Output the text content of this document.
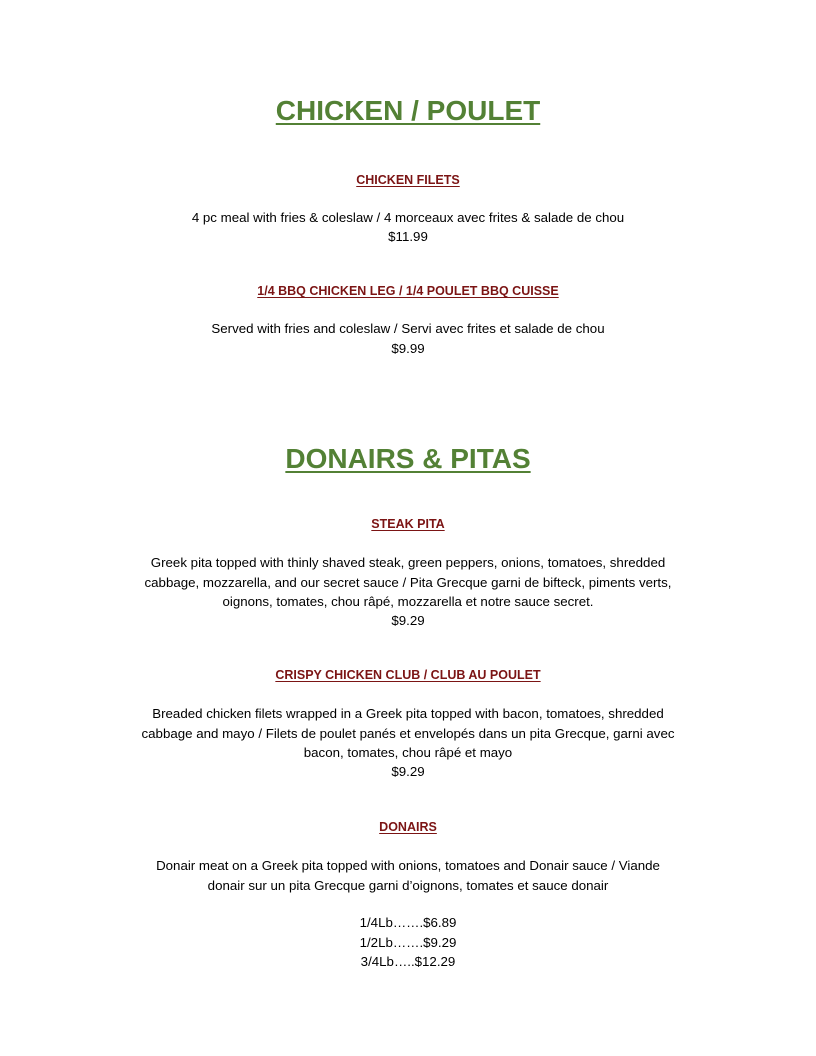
CHICKEN / POULET
CHICKEN FILETS

4 pc meal with fries & coleslaw / 4 morceaux avec frites & salade de chou

$11.99

1/4 BBQ CHICKEN LEG / 1/4 POULET BBQ CUISSE

Served with fries and coleslaw / Servi avec frites et salade de chou

$9.99

DONAIRS & PITAS
STEAK PITA

Greek pita topped with thinly shaved steak, green peppers, onions, tomatoes, shredded cabbage, mozzarella, and our secret sauce / Pita Grecque garni de bifteck, piments verts, oignons, tomates, chou râpé, mozzarella et notre sauce secret.

$9.29

CRISPY CHICKEN CLUB / CLUB AU POULET

Breaded chicken filets wrapped in a Greek pita topped with bacon, tomatoes, shredded cabbage and mayo / Filets de poulet panés et envelopés dans un pita Grecque, garni avec bacon, tomates, chou râpé et mayo

$9.29

DONAIRS

Donair meat on a Greek pita topped with onions, tomatoes and Donair sauce / Viande donair sur un pita Grecque garni d’oignons, tomates et sauce donair

1/4Lb…….$6.89
1/2Lb…….$9.29
3/4Lb…..$12.29
